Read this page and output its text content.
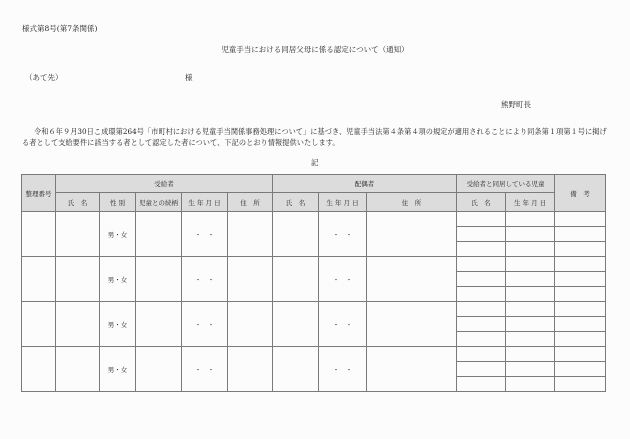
様式第8号(第7条関係)
児童手当における同居父母に係る認定について（通知）
（あて先）	様
熊野町長
令和６年９月30日こ成環第264号「市町村における児童手当関係事務処理について」に基づき、児童手当法第４条第４項の規定が適用されることにより同条第１項第１号に掲げる者として支給要件に該当する者として認定した者について、下記のとおり情報提供いたします。
記
整理番号	受給者					配偶者			受給者と同居している児童		備　考
	氏　名	性 別	児童との続柄	生 年 月 日	住　所	氏　名	生 年 月 日	住　所	氏　名	生 年 月 日	
		男・女		・　・			・　・				

		男・女		・　・			・　・				

		男・女		・　・			・　・				

		男・女		・　・			・　・				
